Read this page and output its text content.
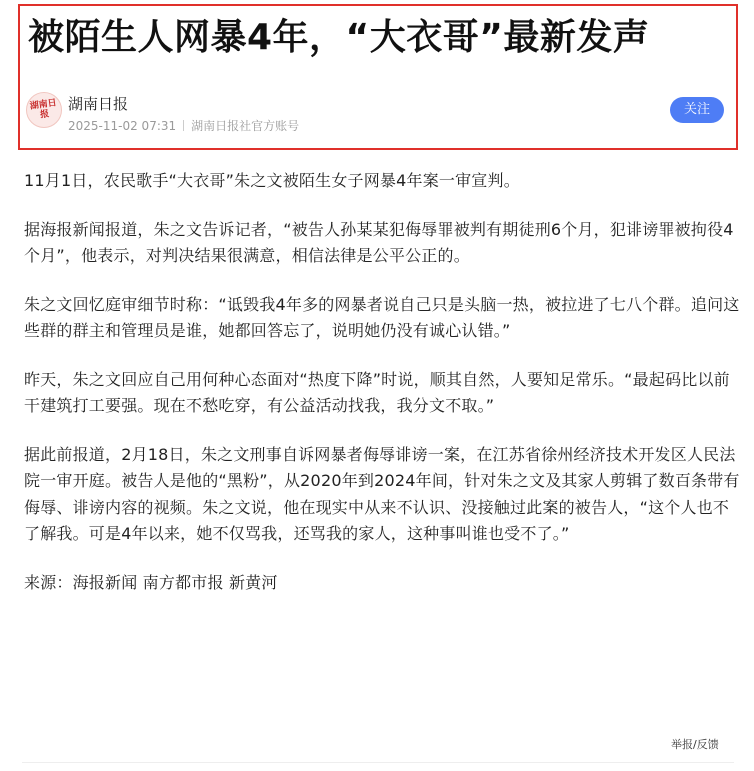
被陌生人网暴4年，“大衣哥”最新发声
湖南日报
湖南日报
2025-11-02 07:31 湖南日报社官方账号
关注

11月1日，农民歌手“大衣哥”朱之文被陌生女子网暴4年案一审宣判。

据海报新闻报道，朱之文告诉记者，“被告人孙某某犯侮辱罪被判有期徒刑6个月，犯诽谤罪被拘役4个月”，他表示，对判决结果很满意，相信法律是公平公正的。

朱之文回忆庭审细节时称：“诋毁我4年多的网暴者说自己只是头脑一热，被拉进了七八个群。追问这些群的群主和管理员是谁，她都回答忘了，说明她仍没有诚心认错。”

昨天，朱之文回应自己用何种心态面对“热度下降”时说，顺其自然，人要知足常乐。“最起码比以前干建筑打工要强。现在不愁吃穿，有公益活动找我，我分文不取。”

据此前报道，2月18日，朱之文刑事自诉网暴者侮辱诽谤一案，在江苏省徐州经济技术开发区人民法院一审开庭。被告人是他的“黑粉”，从2020年到2024年间，针对朱之文及其家人剪辑了数百条带有侮辱、诽谤内容的视频。朱之文说，他在现实中从来不认识、没接触过此案的被告人，“这个人也不了解我。可是4年以来，她不仅骂我，还骂我的家人，这种事叫谁也受不了。”

来源：海报新闻 南方都市报 新黄河

举报/反馈
